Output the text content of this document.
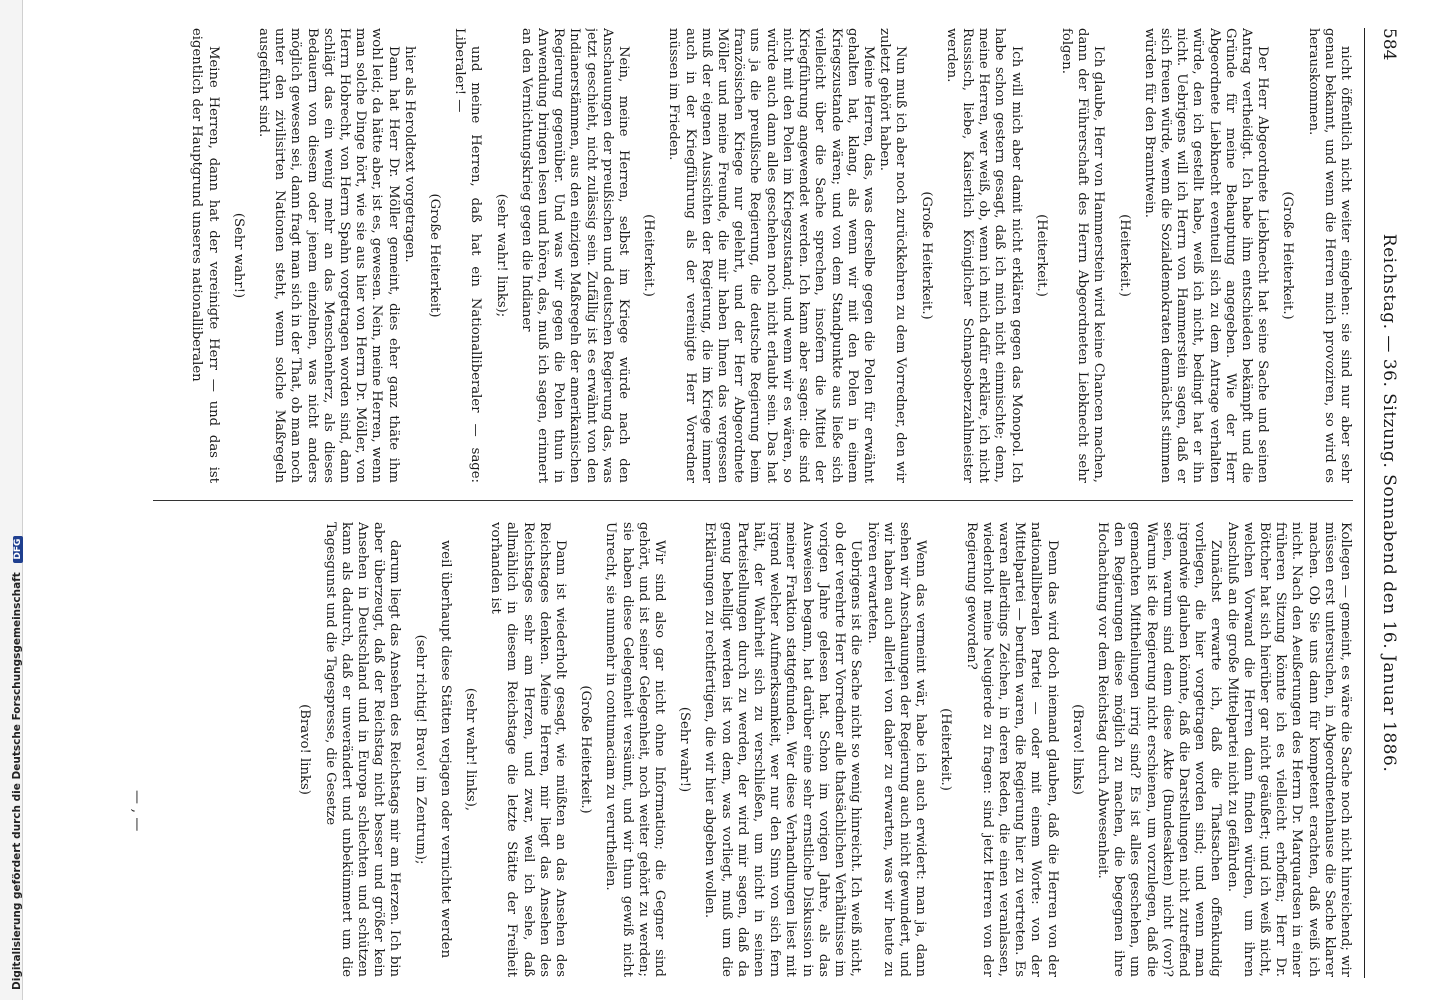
Digitalisierung gefördert durch die Deutsche Forschungsgemeinschaft DFG
584
Reichstag. — 36. Sitzung. Sonnabend den 16. Januar 1886.

nicht öffentlich nicht weiter eingehen: sie sind nur aber sehr genau bekannt, und wenn die Herren mich provoziren, so wird es herauskommen.

(Große Heiterkeit.)

Der Herr Abgeordnete Liebknecht hat seine Sache und seinen Antrag vertheidigt. Ich habe ihm entschieden bekämpft und die Gründe für meine Behauptung angegeben. Wie der Herr Abgeordnete Liebknecht eventuell sich zu dem Antrage verhalten würde, den ich gestellt habe, weiß ich nicht, bedingt hat er ihn nicht. Uebrigens will ich Herrn von Hammerstein sagen, daß er sich freuen würde, wenn die Sozialdemokraten demnächst stimmen würden für den Branntwein.

(Heiterkeit.)

Ich glaube, Herr von Hammerstein wird keine Chancen machen, dann der Führerschaft des Herrn Abgeordneten Liebknecht sehr folgen.

(Heiterkeit.)

Ich will mich aber damit nicht erklären gegen das Monopol. Ich habe schon gestern gesagt, daß ich mich nicht einmischte; denn, meine Herren, wer weiß, ob, wenn ich mich dafür erkläre, ich nicht Russisch, liebe, Kaiserlich Königlicher Schnapsoberzahlmeister werden.

(Große Heiterkeit.)

Nun muß ich aber noch zurückkehren zu dem Vorredner, den wir zuletzt gehört haben.

Meine Herren, das, was derselbe gegen die Polen für erwähnt gehalten hat, klang, als wenn wir mit den Polen in einem Kriegszustande wären; und von dem Standpunkte aus ließe sich vielleicht über die Sache sprechen, insofern die Mittel der Kriegführung angewendet werden. Ich kann aber sagen: die sind nicht mit den Polen im Kriegszustand; und wenn wir es wären, so würde auch dann alles geschehen noch nicht erlaubt sein. Das hat uns ja die preußische Regierung, die deutsche Regierung beim französischen Kriege nur gelehrt, und der Herr Abgeordnete Möller und meine Freunde, die mir haben Ihnen das vergessen muß der eigenen Aussichten der Regierung, die im Kriege immer auch in der Kriegführung als der vereinigte Herr Vorredner müssen im Frieden.

(Heiterkeit.)

Nein, meine Herren, selbst im Kriege würde nach den Anschauungen der preußischen und deutschen Regierung das, was jetzt geschieht, nicht zulässig sein. Zufällig ist es erwähnt von den Indianerstämmen, aus den einzigen Maßregeln der amerikanischen Regierung gegenüber. Und was wir gegen die Polen thun in Anwendung bringen lesen und hören, das, muß ich sagen, erinnert an den Vernichtungskrieg gegen die Indianer

(sehr wahr! links);

und meine Herren, daß hat ein Nationalliberaler — sage: Liberaler! —

(Große Heiterkeit)

hier als Heroldtext vorgetragen.

Dann hat Herr Dr. Möller gemeint, dies eher ganz thäte ihm wohl leid; da hätte aber, ist es, gewesen. Nein, meine Herren, wenn man solche Dinge hört, wie sie aus hier von Herrn Dr. Möller, von Herrn Hobrecht, von Herrn Spahn vorgetragen worden sind, dann schlägt das ein wenig mehr an das Menschenherz, als dieses Bedauern von diesem oder jenem einzelnen, was nicht anders möglich gewesen sei, dann fragt man sich in der That, ob man noch unter den zivilisirten Nationen steht, wenn solche Maßregeln ausgeführt sind.

(Sehr wahr!)

Meine Herren, dann hat der vereinigte Herr — und das ist eigentlich der Hauptgrund unseres nationalliberalen

Kollegen — gemeint, es wäre die Sache noch nicht hinreichend; wir müssen erst untersuchen, in Abgeordnetenhause die Sache klarer machen. Ob Sie uns dann für kompetent erachten, daß weiß ich nicht. Nach den Aeußerungen des Herrn Dr. Marquardsen in einer früheren Sitzung könnte ich es vielleicht erhoffen; Herr Dr. Böttcher hat sich hierüber gar nicht geäußert; und ich weiß nicht, welchen Vorwand die Herren dann finden würden, um ihren Anschluß an die große Mittelpartei nicht zu gefährden.

Zunächst erwarte ich, daß die Thatsachen offenkundig vorliegen, die hier vorgetragen worden sind; und wenn man irgendwie glauben könnte, daß die Darstellungen nicht zutreffend seien, warum sind denn diese Akte (Bundesakten) nicht (vor)? Warum ist die Regierung nicht erschienen, um vorzulegen, daß die gemachten Mittheilungen irrig sind? Es ist alles geschehen, um den Regierungen diese möglich zu machen, die begegnen ihre Hochachtung vor dem Reichstag durch Abwesenheit.

(Bravo! links)

Denn das wird doch niemand glauben, daß die Herren von der nationalliberalen Partei — oder mit einem Worte: von der Mittelpartei — berufen waren, die Regierung hier zu vertreten. Es waren allerdings Zeichen, in deren Reden, die einen veranlassen, wiederholt meine Neugierde zu fragen: sind jetzt Herren von der Regierung geworden?

(Heiterkeit.)

Wenn das vermeint wär, habe ich auch erwidert: man ja, dann sehen wir Anschauungen der Regierung auch nicht gewundert, und wir haben auch allerlei von daher zu erwarten, was wir heute zu hören erwarteten.

Uebrigens ist die Sache nicht so wenig hinreicht. Ich weiß nicht, ob der verehrte Herr Vorredner alle thatsächlichen Verhältnisse im vorigen Jahre gelesen hat. Schon im vorigen Jahre, als das Ausweisen begann, hat darüber eine sehr ernstliche Diskussion in meiner Fraktion stattgefunden. Wer diese Verhandlungen liest mit irgend welcher Aufmerksamkeit, wer nur den Sinn von sich fern hält, der Wahrheit sich zu verschließen, um nicht in seinen Parteistellungen durch zu werden, der wird mir sagen, daß da genug behelligt werden ist von dem, was vorliegt, muß um die Erklärungen zu rechtfertigen, die wir hier abgeben wollen.

(Sehr wahr!)

Wir sind also gar nicht ohne Information; die Gegner sind gehört, und ist seiner Gelegenheit, noch weiter gehört zu werden; sie haben diese Gelegenheit versäumt, und wir thun gewiß nicht Unrecht, sie nunmehr in contumaciam zu verurtheilen.

(Große Heiterkeit.)

Dann ist wiederholt gesagt, wie müßten an das Ansehen des Reichstages denken. Meine Herren, mir liegt das Ansehen des Reichstages sehr am Herzen, und zwar, weil ich sehe, daß allmählich in diesem Reichstage die letzte Stätte der Freiheit vorhanden ist

(sehr wahr! links),

weil überhaupt diese Stätten verjagen oder vernichtet werden

(sehr richtig! Bravo! im Zentrum);

darum liegt das Ansehen des Reichstags mir am Herzen. Ich bin aber überzeugt, daß der Reichstag nicht besser und größer kein Ansehen in Deutschland und in Europa schlechten und schützen kann als dadurch, daß er unverändert und unbekümmert um die Tagesgunst und die Tagespresse, die Gesetze

(Bravo! links)

— ‚ —
